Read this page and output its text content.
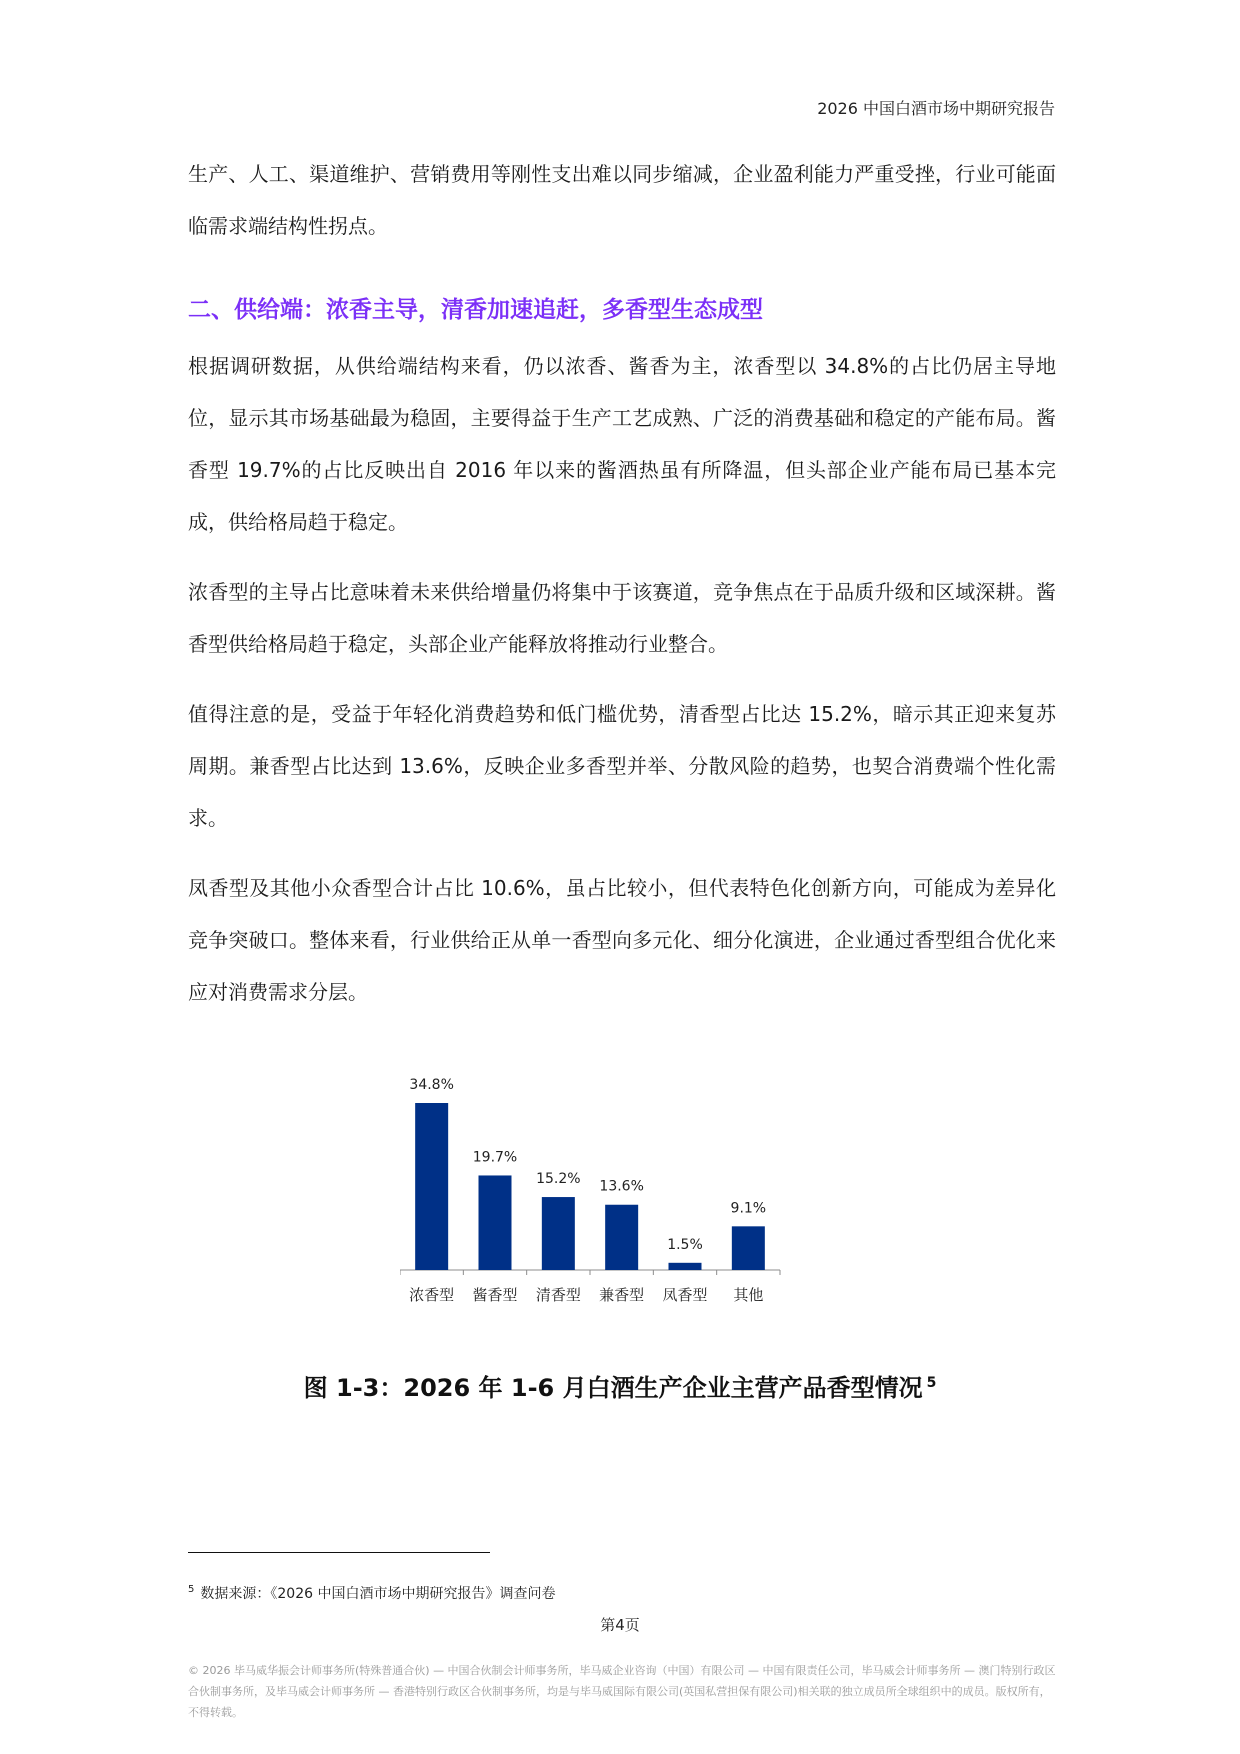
2026 中国白酒市场中期研究报告

生产、人工、渠道维护、营销费用等刚性支出难以同步缩减，企业盈利能力严重受挫，行业可能面临需求端结构性拐点。

二、供给端：浓香主导，清香加速追赶，多香型生态成型

根据调研数据，从供给端结构来看，仍以浓香、酱香为主，浓香型以 34.8%的占比仍居主导地位，显示其市场基础最为稳固，主要得益于生产工艺成熟、广泛的消费基础和稳定的产能布局。酱香型 19.7%的占比反映出自 2016 年以来的酱酒热虽有所降温，但头部企业产能布局已基本完成，供给格局趋于稳定。

浓香型的主导占比意味着未来供给增量仍将集中于该赛道，竞争焦点在于品质升级和区域深耕。酱香型供给格局趋于稳定，头部企业产能释放将推动行业整合。

值得注意的是，受益于年轻化消费趋势和低门槛优势，清香型占比达 15.2%，暗示其正迎来复苏周期。兼香型占比达到 13.6%，反映企业多香型并举、分散风险的趋势，也契合消费端个性化需求。

凤香型及其他小众香型合计占比 10.6%，虽占比较小，但代表特色化创新方向，可能成为差异化竞争突破口。整体来看，行业供给正从单一香型向多元化、细分化演进，企业通过香型组合优化来应对消费需求分层。

34.8%
浓香型
19.7%
酱香型
15.2%
清香型
13.6%
兼香型
1.5%
凤香型
9.1%
其他
图 1-3：2026 年 1-6 月白酒生产企业主营产品香型情况 $^5$
$^5$ 数据来源：《2026 中国白酒市场中期研究报告》调查问卷
第4页
© 2026 毕马威华振会计师事务所(特殊普通合伙) — 中国合伙制会计师事务所，毕马威企业咨询（中国）有限公司 — 中国有限责任公司，毕马威会计师事务所 — 澳门特别行政区合伙制事务所，及毕马威会计师事务所 — 香港特别行政区合伙制事务所，均是与毕马威国际有限公司(英国私营担保有限公司)相关联的独立成员所全球组织中的成员。版权所有，不得转载。
